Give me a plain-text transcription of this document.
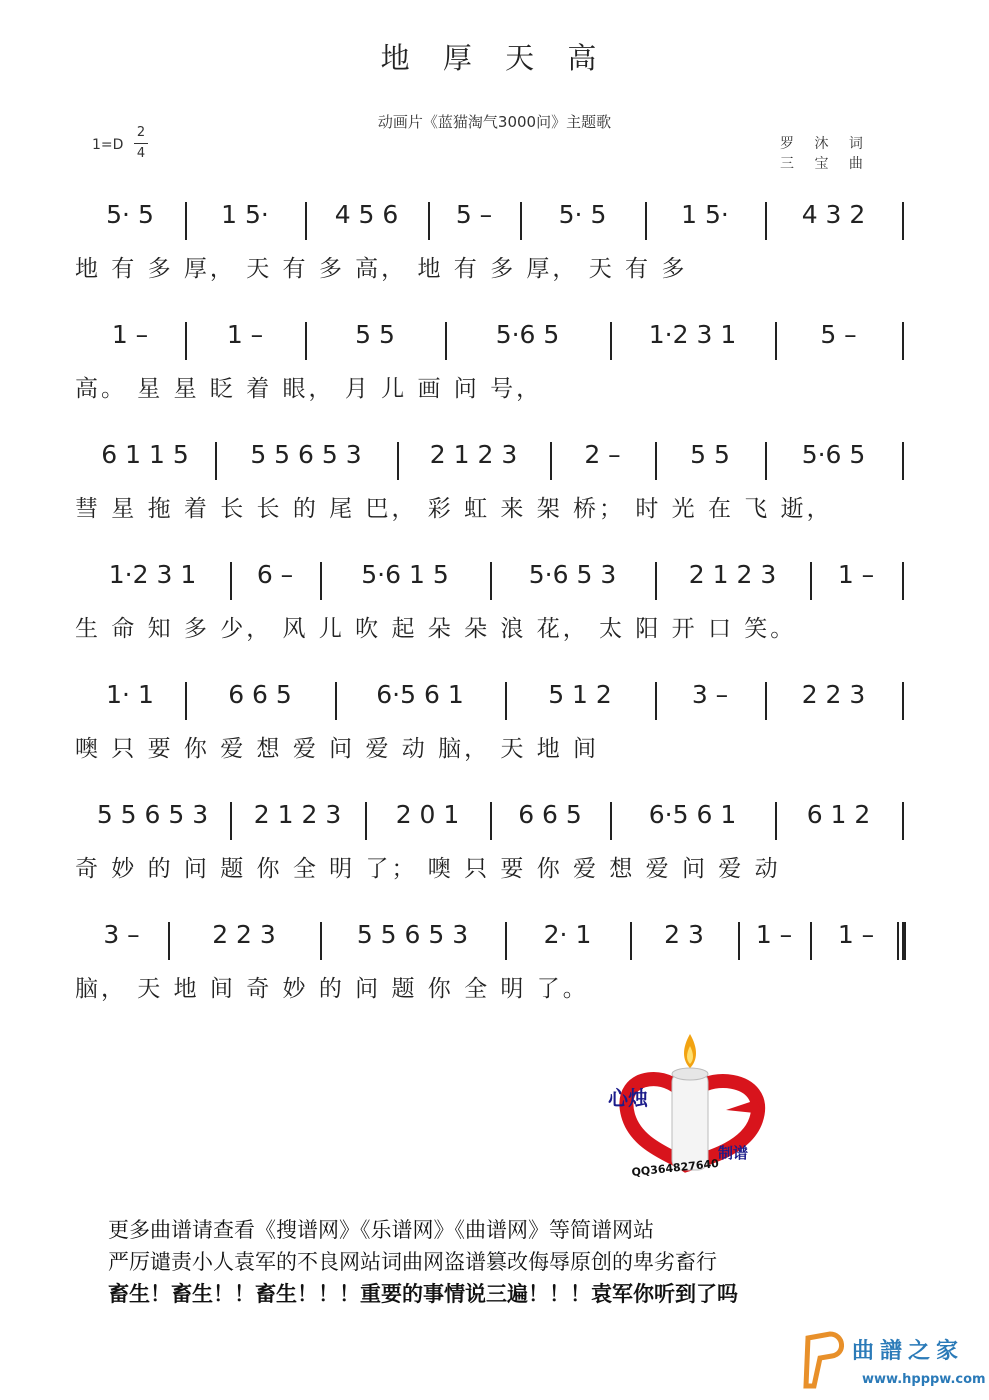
地 厚 天 高
动画片《蓝猫淘气3000问》主题歌
1=D
2
4
罗 沐 词
三 宝 曲
5· 5	1 5·	4 5 6	5 –	5· 5	1 5·	4 3 2
地 有 多 厚， 天 有 多 高， 地 有 多 厚， 天 有 多
1 –	1 –	5 5	5·6 5	1·2 3 1	5 –
高。 星 星 眨 着 眼， 月 儿 画 问 号，
6 1 1 5	5 5 6 5 3	2 1 2 3	2 –	5 5	5·6 5
彗 星 拖 着 长 长 的 尾 巴， 彩 虹 来 架 桥； 时 光 在 飞 逝，
1·2 3 1	6 –	5·6 1 5	5·6 5 3	2 1 2 3	1 –
生 命 知 多 少， 风 儿 吹 起 朵 朵 浪 花， 太 阳 开 口 笑。
1· 1	6 6 5	6·5 6 1	5 1 2	3 –	2 2 3
噢 只 要 你 爱 想 爱 问 爱 动 脑， 天 地 间
5 5 6 5 3	2 1 2 3	2 0 1	6 6 5	6·5 6 1	6 1 2
奇 妙 的 问 题 你 全 明 了； 噢 只 要 你 爱 想 爱 问 爱 动
3 –	2 2 3	5 5 6 5 3	2· 1	2 3	1 –	1 –
脑， 天 地 间 奇 妙 的 问 题 你 全 明 了。
心烛
制谱
QQ364827640
更多曲谱请查看《搜谱网》《乐谱网》《曲谱网》等简谱网站
严厉谴责小人袁军的不良网站词曲网盗谱篡改侮辱原创的卑劣畜行
畜生！畜生！！畜生！！！重要的事情说三遍！！！袁军你听到了吗
曲譜之家
www.hpppw.com
